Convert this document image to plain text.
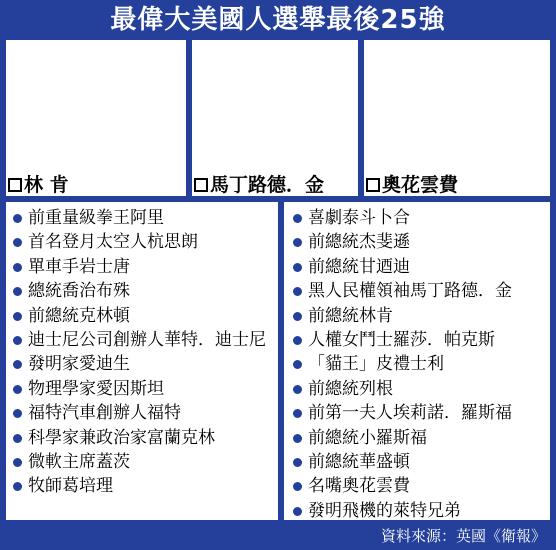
最偉大美國人選舉最後25強
林 肯	馬丁路德．金	奧花雲費
前重量級拳王阿里
首名登月太空人杭思朗
單車手岩士唐
總統喬治布殊
前總統克林頓
迪士尼公司創辦人華特．迪士尼
發明家愛迪生
物理學家愛因斯坦
福特汽車創辦人福特
科學家兼政治家富蘭克林
微軟主席蓋茨
牧師葛培理
喜劇泰斗卜合
前總統杰斐遜
前總統甘迺迪
黑人民權領袖馬丁路德．金
前總統林肯
人權女鬥士羅莎．帕克斯
「貓王」皮禮士利
前總統列根
前第一夫人埃莉諾．羅斯福
前總統小羅斯福
前總統華盛頓
名嘴奧花雲費
發明飛機的萊特兄弟
資料來源：英國《衛報》
